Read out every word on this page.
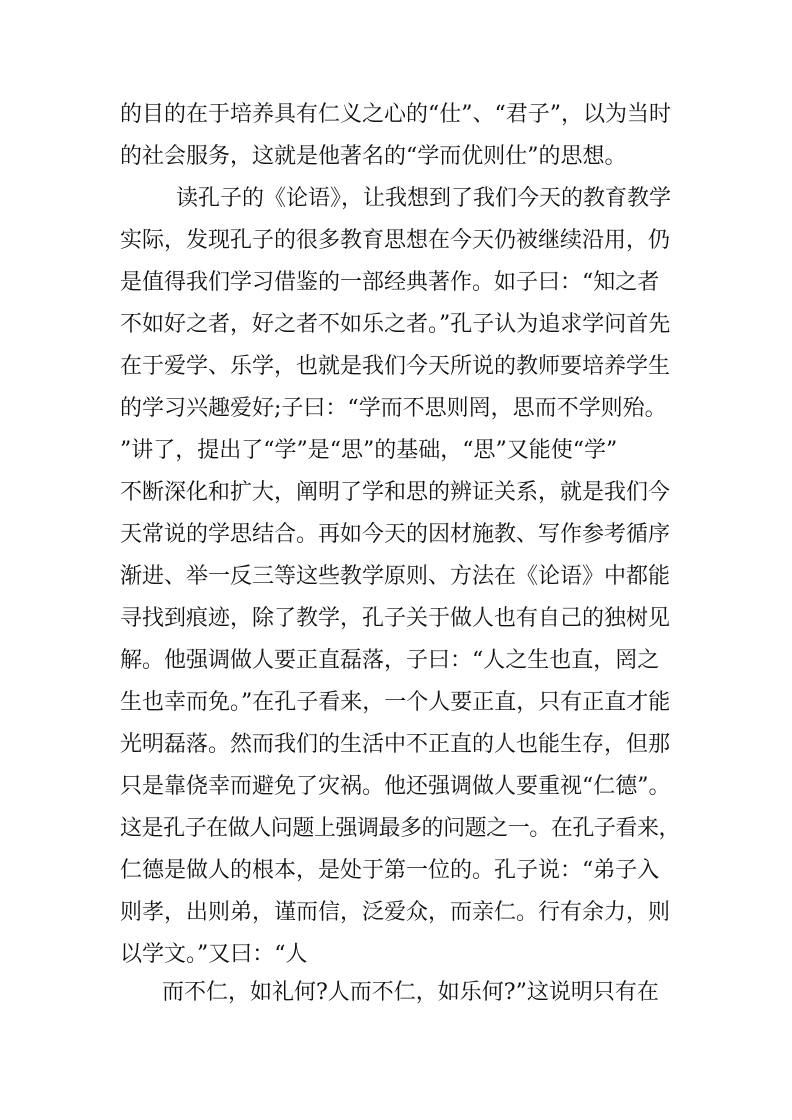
的目的在于培养具有仁义之心的“仕”、“君子”，以为当时
的社会服务，这就是他著名的“学而优则仕”的思想。
读孔子的《论语》，让我想到了我们今天的教育教学
实际，发现孔子的很多教育思想在今天仍被继续沿用，仍
是值得我们学习借鉴的一部经典著作。如子曰：“知之者
不如好之者，好之者不如乐之者。”孔子认为追求学问首先
在于爱学、乐学，也就是我们今天所说的教师要培养学生
的学习兴趣爱好;子曰：“学而不思则罔，思而不学则殆。
”讲了，提出了“学”是“思”的基础，“思”又能使“学”
不断深化和扩大，阐明了学和思的辨证关系，就是我们今
天常说的学思结合。再如今天的因材施教、写作参考循序
渐进、举一反三等这些教学原则、方法在《论语》中都能
寻找到痕迹，除了教学，孔子关于做人也有自己的独树见
解。他强调做人要正直磊落，子曰：“人之生也直，罔之
生也幸而免。”在孔子看来，一个人要正直，只有正直才能
光明磊落。然而我们的生活中不正直的人也能生存，但那
只是靠侥幸而避免了灾祸。他还强调做人要重视“仁德”。
这是孔子在做人问题上强调最多的问题之一。在孔子看来，
仁德是做人的根本，是处于第一位的。孔子说：“弟子入
则孝，出则弟，谨而信，泛爱众，而亲仁。行有余力，则
以学文。”又曰：“人
而不仁，如礼何?人而不仁，如乐何?”这说明只有在
